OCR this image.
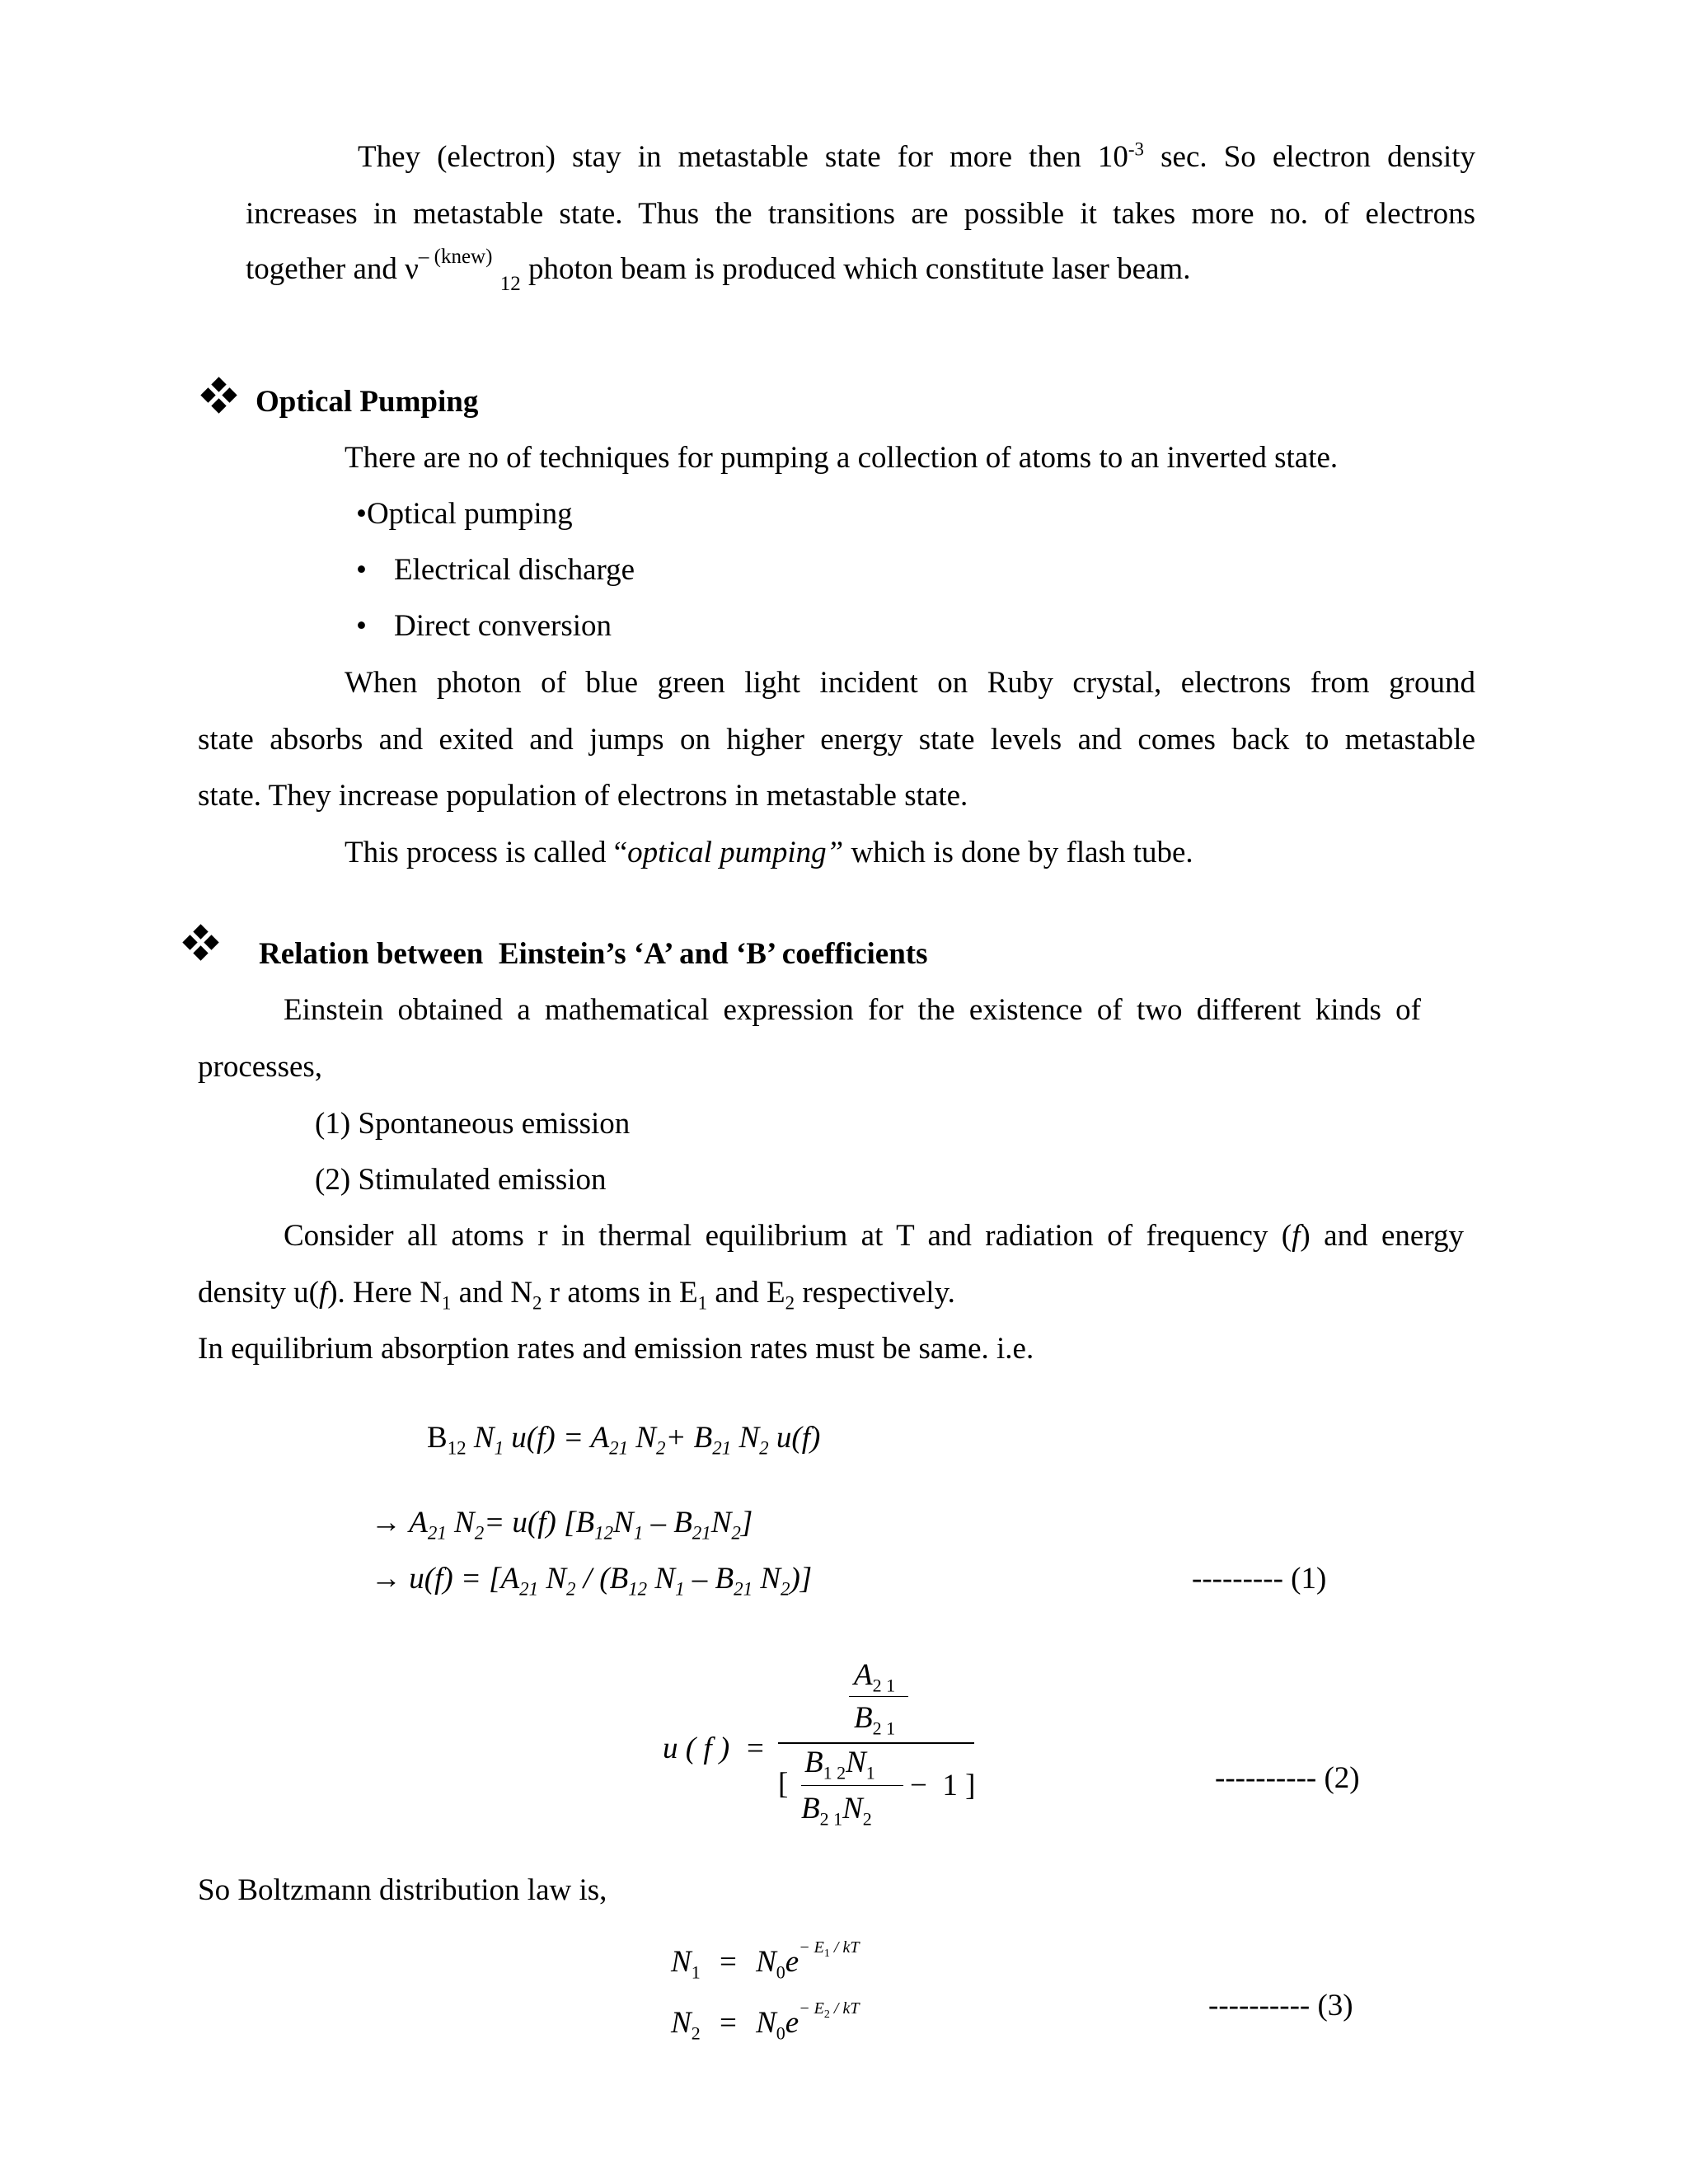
They (electron) stay in metastable state for more then $10^{-3}$ sec. So electron density
increases in metastable state. Thus the transitions are possible it takes more no. of electrons
together and $\nu^{- (knew)}$ $_{12}$ photon beam is produced which constitute laser beam.
Optical Pumping
There are no of techniques for pumping a collection of atoms to an inverted state.
•Optical pumping
• Electrical discharge
• Direct conversion
When photon of blue green light incident on Ruby crystal, electrons from ground
state absorbs and exited and jumps on higher energy state levels and comes back to metastable
state. They increase population of electrons in metastable state.
This process is called “optical pumping” which is done by flash tube.
Relation between  Einstein’s ‘A’ and ‘B’ coefficients
Einstein obtained a mathematical expression for the existence of two different kinds of
processes,
(1) Spontaneous emission
(2) Stimulated emission
Consider all atoms r in thermal equilibrium at T and radiation of frequency (f) and energy
density u(f). Here $N_1$ and $N_2$ r atoms in $E_1$ and $E_2$ respectively.
In equilibrium absorption rates and emission rates must be same. i.e.
$B_{12}$ $N_1$ $u(f) = A_{21}$ $N_2+ B_{21}$ $N_2$ u(f)
→ $A_{21}$ $N_2= u(f)$ $[B_{12}N_1 - B_{21}N_2]$
→ $u(f) = [A_{21}$ $N_2 / (B_{12}$ $N_1 - B_{21}$ $N_2$)]	--------- (1)
u ( f )  =
$A_{2 1}$
$B_{2 1}$
[
$B_{1 2}N_1$
$B_{2 1}N_2$
−  1 ]	---------- (2)
So Boltzmann distribution law is,
$N_1 = N_0e^{- E_1 / kT}$
$N_2 = N_0e^{- E_2 / kT}$	---------- (3)
